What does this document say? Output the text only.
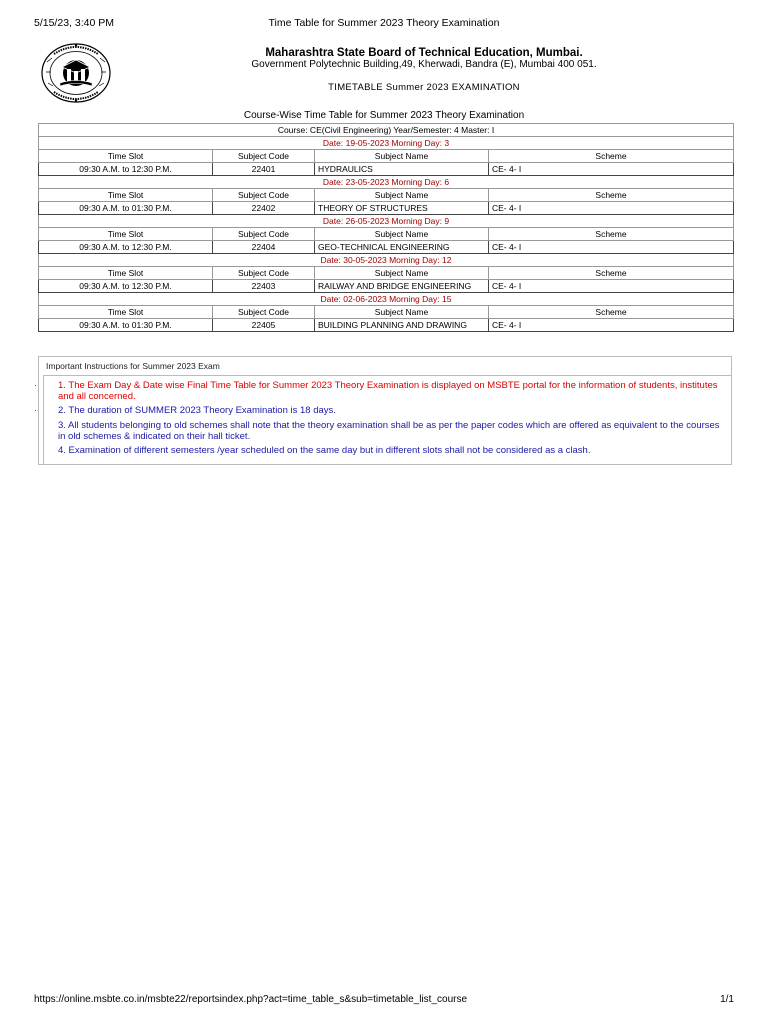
5/15/23, 3:40 PM	Time Table for Summer 2023 Theory Examination
Maharashtra State Board of Technical Education, Mumbai.
Government Polytechnic Building,49, Kherwadi, Bandra (E), Mumbai 400 051.
TIMETABLE Summer 2023 EXAMINATION
Course-Wise Time Table for Summer 2023 Theory Examination
Course: CE(Civil Engineering) Year/Semester: 4 Master: I			
Date: 19-05-2023 Morning Day: 3			
Time Slot	Subject Code	Subject Name	Scheme
09:30 A.M. to 12:30 P.M.	22401	HYDRAULICS	CE- 4- I
Date: 23-05-2023 Morning Day: 6			
Time Slot	Subject Code	Subject Name	Scheme
09:30 A.M. to 01:30 P.M.	22402	THEORY OF STRUCTURES	CE- 4- I
Date: 26-05-2023 Morning Day: 9			
Time Slot	Subject Code	Subject Name	Scheme
09:30 A.M. to 12:30 P.M.	22404	GEO-TECHNICAL ENGINEERING	CE- 4- I
Date: 30-05-2023 Morning Day: 12			
Time Slot	Subject Code	Subject Name	Scheme
09:30 A.M. to 12:30 P.M.	22403	RAILWAY AND BRIDGE ENGINEERING	CE- 4- I
Date: 02-06-2023 Morning Day: 15			
Time Slot	Subject Code	Subject Name	Scheme
09:30 A.M. to 01:30 P.M.	22405	BUILDING PLANNING AND DRAWING	CE- 4- I
Important Instructions for Summer 2023 Exam
1. The Exam Day & Date wise Final Time Table for Summer 2023 Theory Examination is displayed on MSBTE portal for the information of students, institutes and all concerned.
2. The duration of SUMMER 2023 Theory Examination is 18 days.
3. All students belonging to old schemes shall note that the theory examination shall be as per the paper codes which are offered as equivalent to the courses in old schemes & indicated on their hall ticket.
4. Examination of different semesters /year scheduled on the same day but in different slots shall not be considered as a clash.
·
·
https://online.msbte.co.in/msbte22/reportsindex.php?act=time_table_s&sub=timetable_list_course	1/1
